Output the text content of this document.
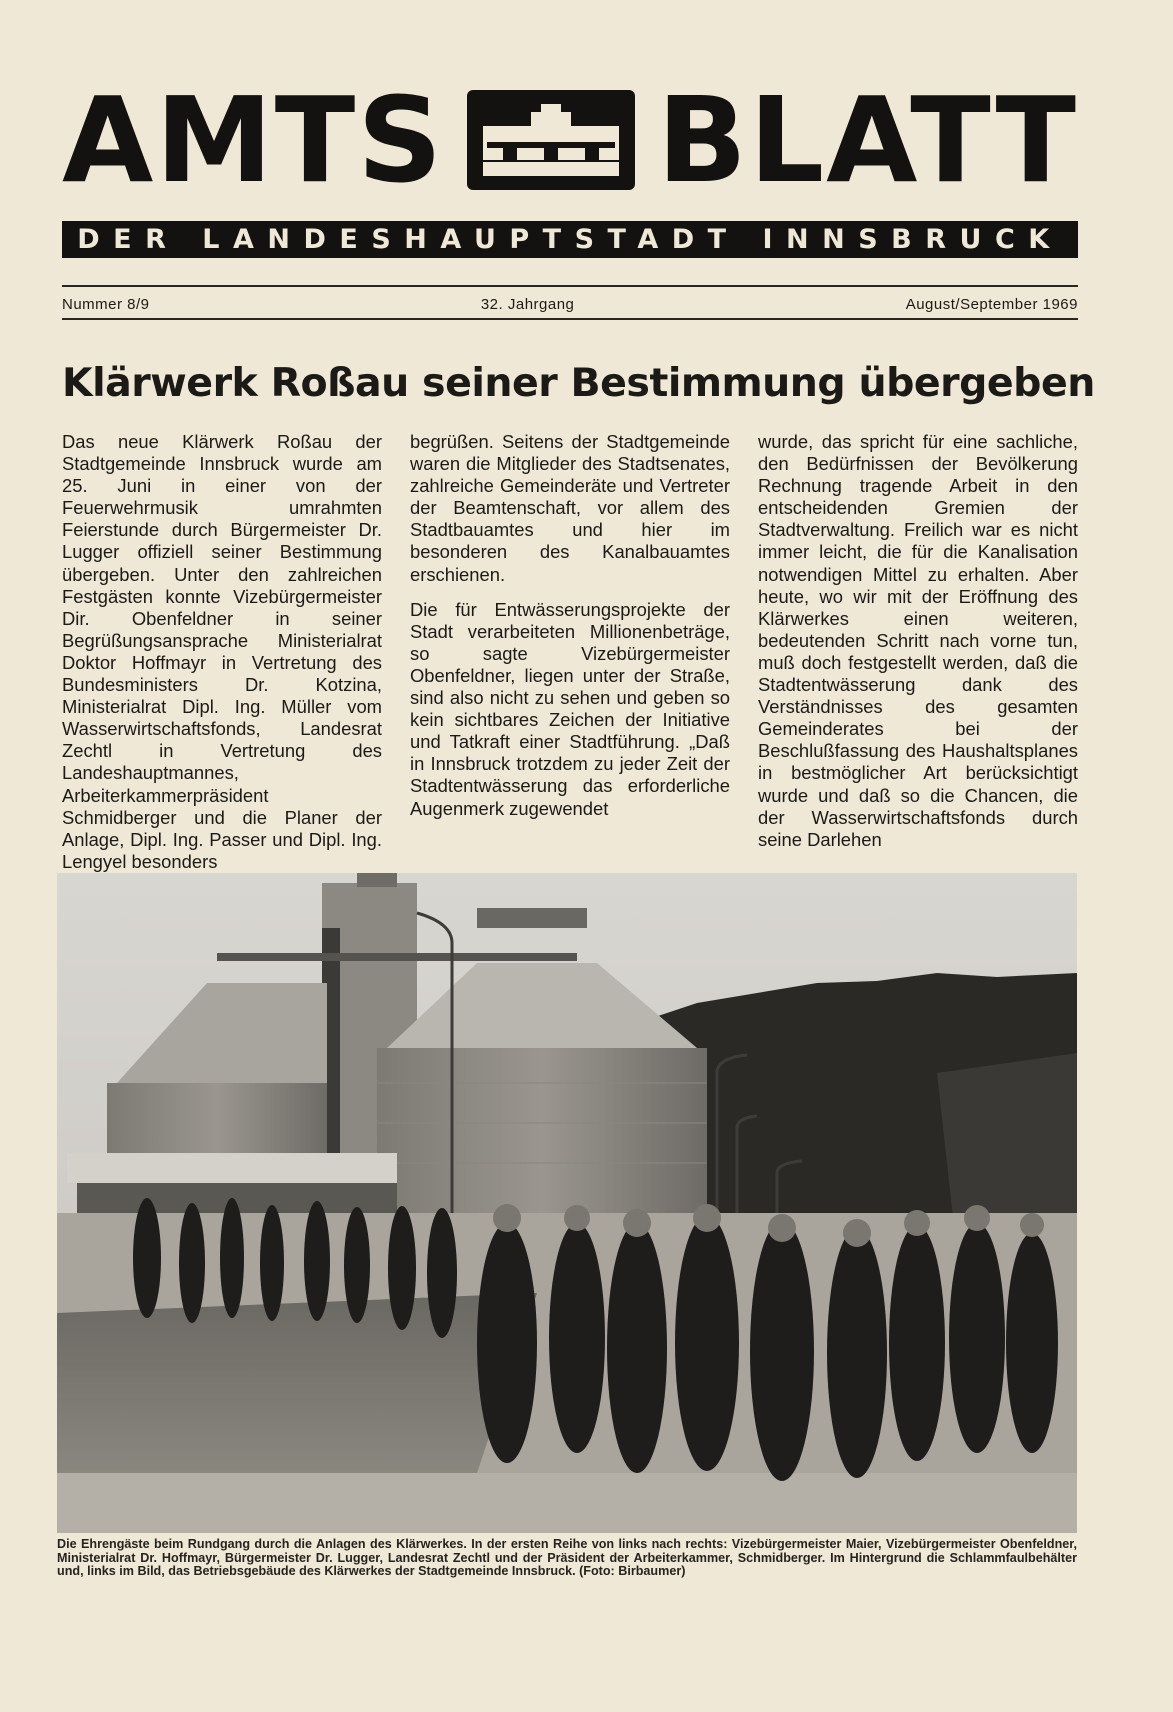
AMTS BLATT
DER LANDESHAUPTSTADT INNSBRUCK
Nummer 8/9	32. Jahrgang	August/September 1969
Klärwerk Roßau seiner Bestimmung übergeben

Das neue Klärwerk Roßau der Stadtgemeinde Innsbruck wurde am 25. Juni in einer von der Feuerwehrmusik umrahmten Feierstunde durch Bürgermeister Dr. Lugger offiziell seiner Bestimmung übergeben. Unter den zahlreichen Festgästen konnte Vizebürgermeister Dir. Obenfeldner in seiner Begrüßungsansprache Ministerialrat Doktor Hoffmayr in Vertretung des Bundesministers Dr. Kotzina, Ministerialrat Dipl. Ing. Müller vom Wasserwirtschaftsfonds, Landesrat Zechtl in Vertretung des Landeshauptmannes, Arbeiterkammerpräsident Schmidberger und die Planer der Anlage, Dipl. Ing. Passer und Dipl. Ing. Lengyel besonders

begrüßen. Seitens der Stadtgemeinde waren die Mitglieder des Stadtsenates, zahlreiche Gemeinderäte und Vertreter der Beamtenschaft, vor allem des Stadtbauamtes und hier im besonderen des Kanalbauamtes erschienen.

Die für Entwässerungsprojekte der Stadt verarbeiteten Millionenbeträge, so sagte Vizebürgermeister Obenfeldner, liegen unter der Straße, sind also nicht zu sehen und geben so kein sichtbares Zeichen der Initiative und Tatkraft einer Stadtführung. „Daß in Innsbruck trotzdem zu jeder Zeit der Stadtentwässerung das erforderliche Augenmerk zugewendet

wurde, das spricht für eine sachliche, den Bedürfnissen der Bevölkerung Rechnung tragende Arbeit in den entscheidenden Gremien der Stadtverwaltung. Freilich war es nicht immer leicht, die für die Kanalisation notwendigen Mittel zu erhalten. Aber heute, wo wir mit der Eröffnung des Klärwerkes einen weiteren, bedeutenden Schritt nach vorne tun, muß doch festgestellt werden, daß die Stadtentwässerung dank des Verständnisses des gesamten Gemeinderates bei der Beschlußfassung des Haushaltsplanes in bestmöglicher Art berücksichtigt wurde und daß so die Chancen, die der Wasserwirtschaftsfonds durch seine Darlehen

Die Ehrengäste beim Rundgang durch die Anlagen des Klärwerkes. In der ersten Reihe von links nach rechts: Vizebürgermeister Maier, Vizebürgermeister Obenfeldner, Ministerialrat Dr. Hoffmayr, Bürgermeister Dr. Lugger, Landesrat Zechtl und der Präsident der Arbeiterkammer, Schmidberger. Im Hintergrund die Schlammfaulbehälter und, links im Bild, das Betriebsgebäude des Klärwerkes der Stadtgemeinde Innsbruck. (Foto: Birbaumer)
